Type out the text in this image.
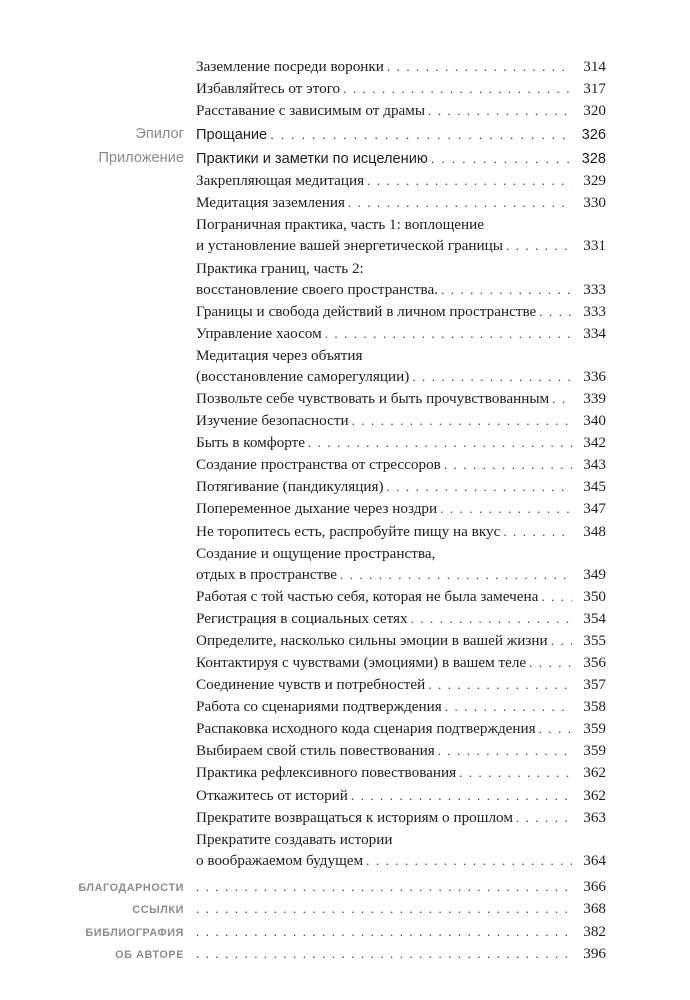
Заземление посреди воронки . . .	314
Избавляйтесь от этого . . .	317
Расставание с зависимым от драмы . . .	320
Эпилог Прощание . . .	326
Приложение Практики и заметки по исцелению . . .	328
Закрепляющая медитация . . .	329
Медитация заземления . . .	330
Пограничная практика, часть 1: воплощение
и установление вашей энергетической границы . . .	331
Практика границ, часть 2:
восстановление своего пространства. . . .	333
Границы и свобода действий в личном пространстве . . .	333
Управление хаосом . . .	334
Медитация через объятия
(восстановление саморегуляции) . . .	336
Позвольте себе чувствовать и быть прочувствованным . . .	339
Изучение безопасности . . .	340
Быть в комфорте . . .	342
Создание пространства от стрессоров . . .	343
Потягивание (пандикуляция) . . .	345
Попеременное дыхание через ноздри . . .	347
Не торопитесь есть, распробуйте пищу на вкус . . .	348
Создание и ощущение пространства,
отдых в пространстве . . .	349
Работая с той частью себя, которая не была замечена . . .	350
Регистрация в социальных сетях . . .	354
Определите, насколько сильны эмоции в вашей жизни . . .	355
Контактируя с чувствами (эмоциями) в вашем теле . . .	356
Соединение чувств и потребностей . . .	357
Работа со сценариями подтверждения . . .	358
Распаковка исходного кода сценария подтверждения . . .	359
Выбираем свой стиль повествования . . .	359
Практика рефлексивного повествования . . .	362
Откажитесь от историй . . .	362
Прекратите возвращаться к историям о прошлом . . .	363
Прекратите создавать истории
о воображаемом будущем . . .	364
БЛАГОДАРНОСТИ . . .	366
ССЫЛКИ . . .	368
БИБЛИОГРАФИЯ . . .	382
ОБ АВТОРЕ . . .	396
